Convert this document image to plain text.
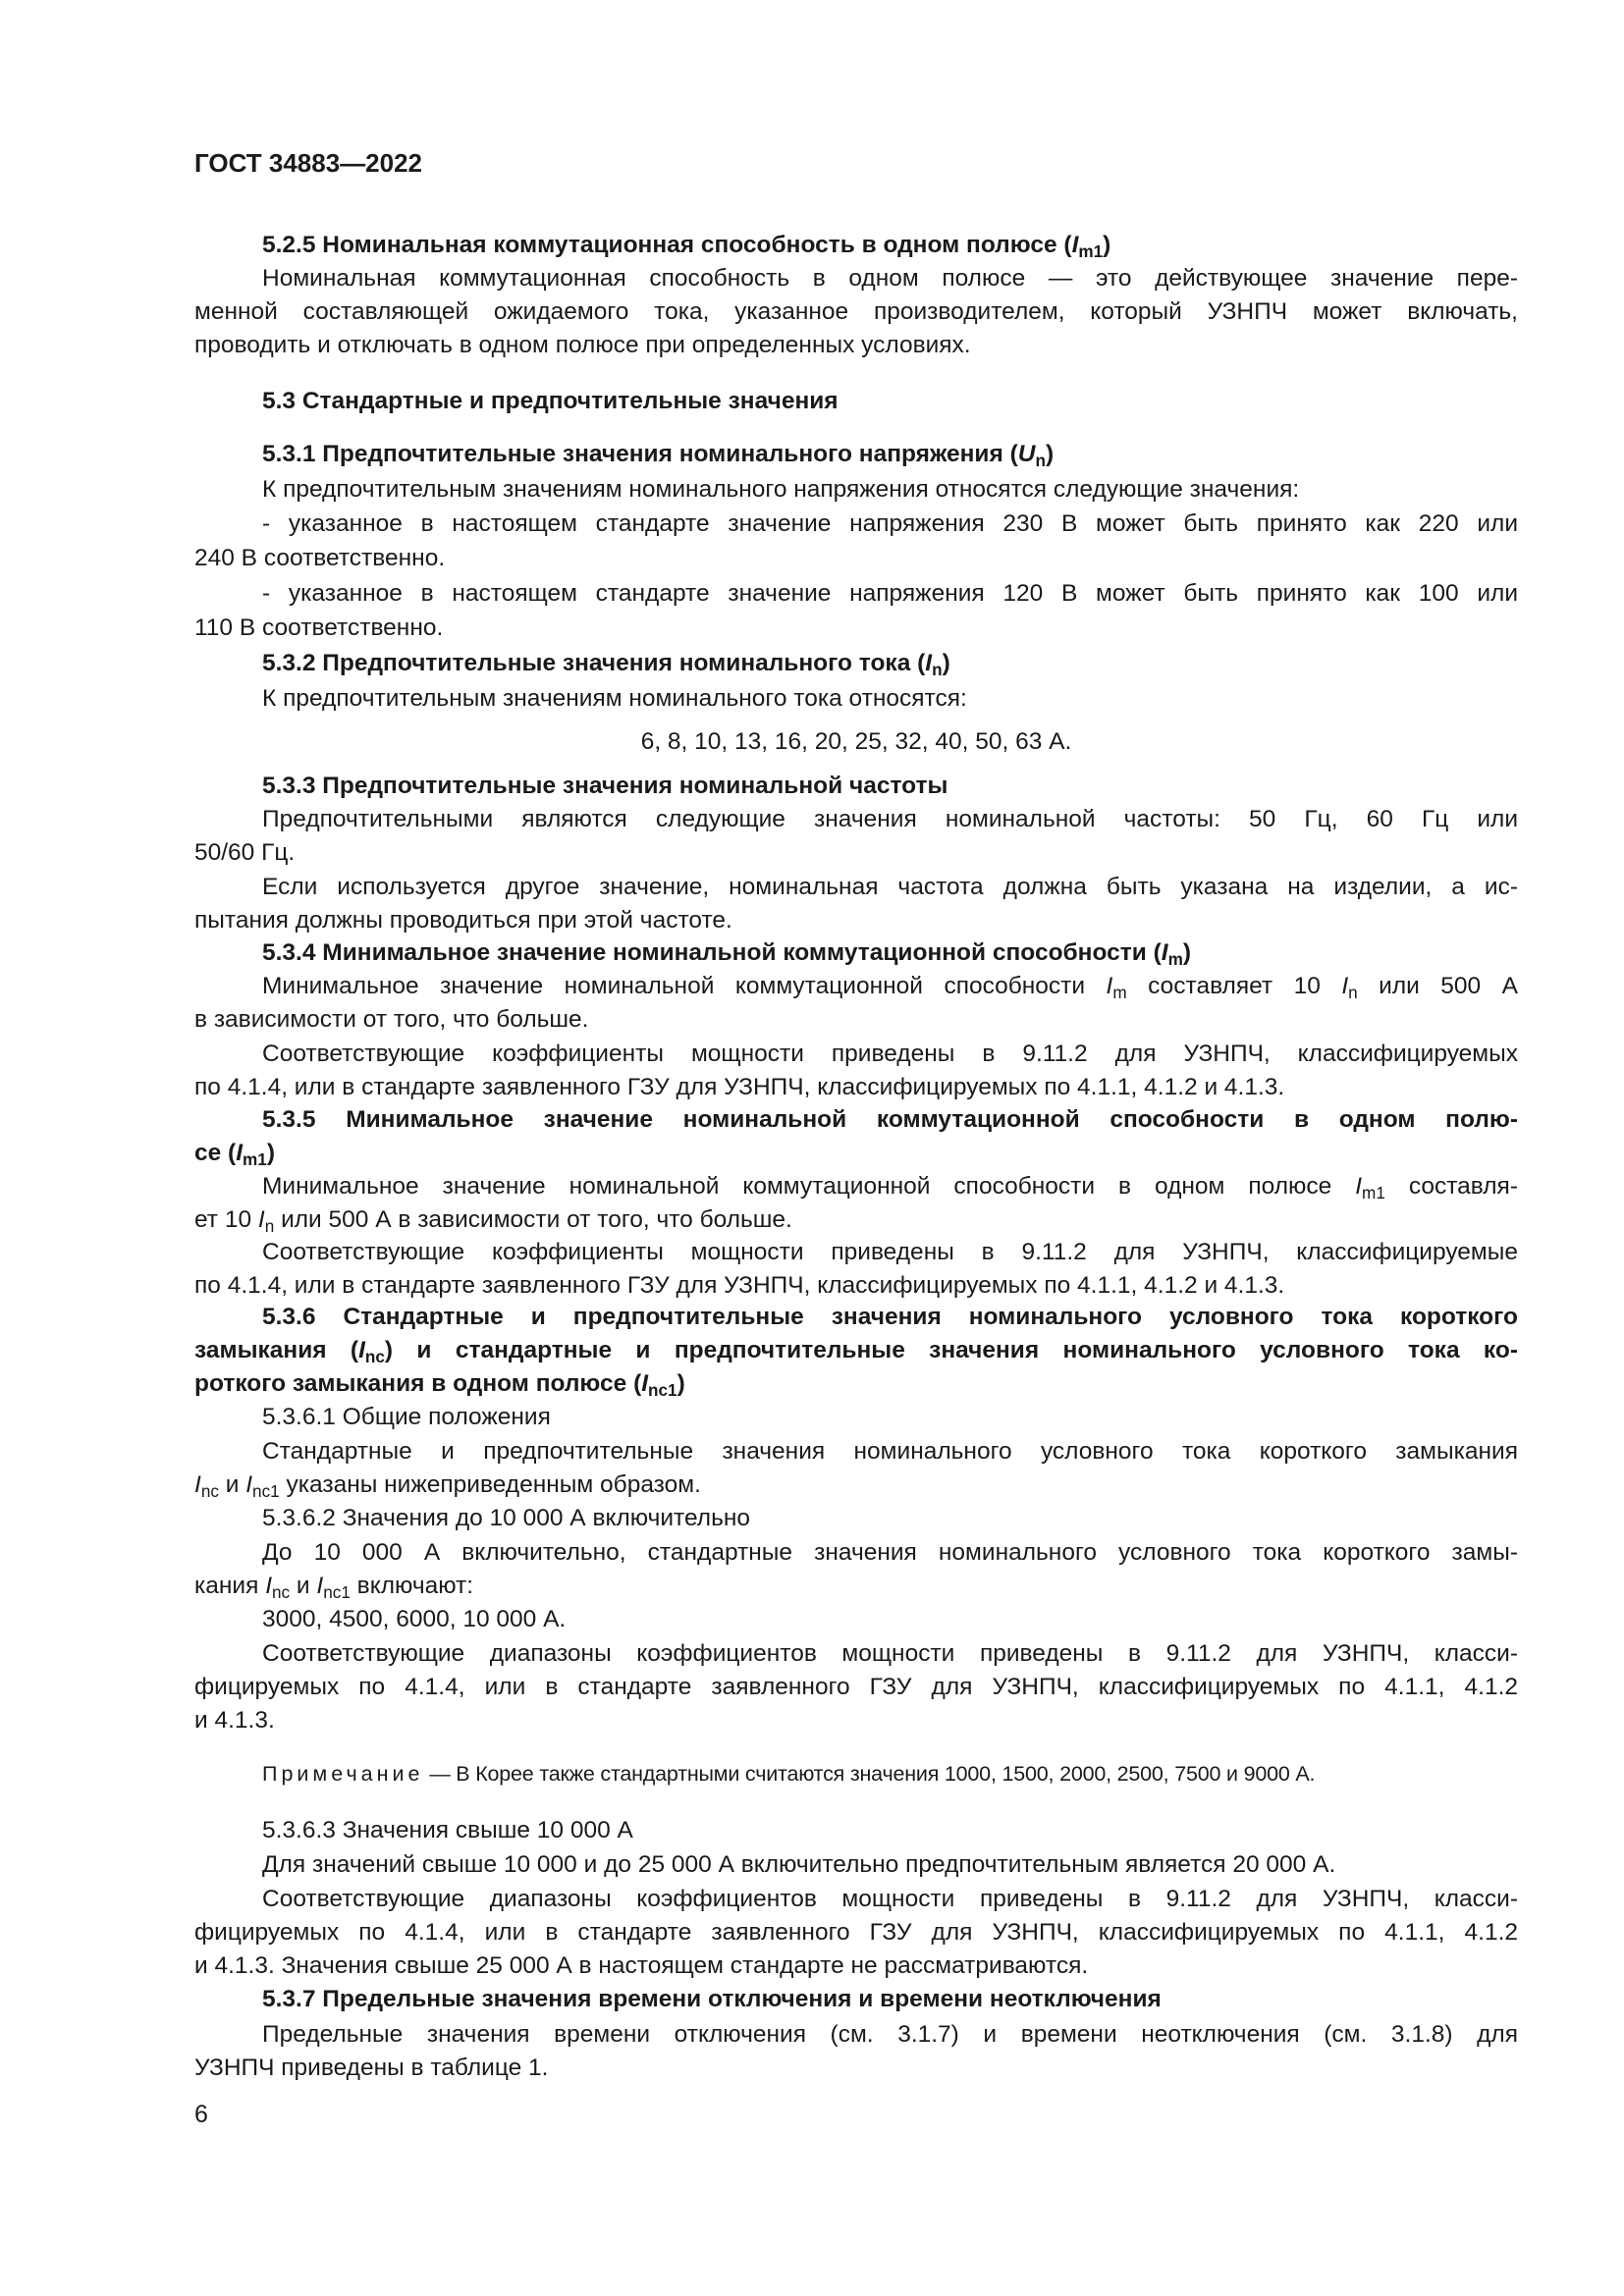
ГОСТ 34883—2022
5.2.5 Номинальная коммутационная способность в одном полюсе $(I_{m1})$
Номинальная коммутационная способность в одном полюсе — это действующее значение пере-
менной составляющей ожидаемого тока, указанное производителем, который УЗНПЧ может включать,
проводить и отключать в одном полюсе при определенных условиях.
5.3 Стандартные и предпочтительные значения
5.3.1 Предпочтительные значения номинального напряжения $(U_n)$
К предпочтительным значениям номинального напряжения относятся следующие значения:
- указанное в настоящем стандарте значение напряжения 230 В может быть принято как 220 или
240 В соответственно.
- указанное в настоящем стандарте значение напряжения 120 В может быть принято как 100 или
110 В соответственно.
5.3.2 Предпочтительные значения номинального тока $(I_n)$
К предпочтительным значениям номинального тока относятся:
6, 8, 10, 13, 16, 20, 25, 32, 40, 50, 63 А.
5.3.3 Предпочтительные значения номинальной частоты
Предпочтительными являются следующие значения номинальной частоты: 50 Гц, 60 Гц или
50/60 Гц.
Если используется другое значение, номинальная частота должна быть указана на изделии, а ис-
пытания должны проводиться при этой частоте.
5.3.4 Минимальное значение номинальной коммутационной способности $(I_m)$
Минимальное значение номинальной коммутационной способности $I_m$ составляет 10 $I_n$ или 500 А
в зависимости от того, что больше.
Соответствующие коэффициенты мощности приведены в 9.11.2 для УЗНПЧ, классифицируемых
по 4.1.4, или в стандарте заявленного ГЗУ для УЗНПЧ, классифицируемых по 4.1.1, 4.1.2 и 4.1.3.
5.3.5 Минимальное значение номинальной коммутационной способности в одном полю-
се $(I_{m1})$
Минимальное значение номинальной коммутационной способности в одном полюсе $I_{m1}$ составля-
ет 10 $I_n$ или 500 А в зависимости от того, что больше.
Соответствующие коэффициенты мощности приведены в 9.11.2 для УЗНПЧ, классифицируемые
по 4.1.4, или в стандарте заявленного ГЗУ для УЗНПЧ, классифицируемых по 4.1.1, 4.1.2 и 4.1.3.
5.3.6 Стандартные и предпочтительные значения номинального условного тока короткого
замыкания $(I_{nc})$ и стандартные и предпочтительные значения номинального условного тока ко-
роткого замыкания в одном полюсе $(I_{nc1})$
5.3.6.1 Общие положения
Стандартные и предпочтительные значения номинального условного тока короткого замыкания
$I_{nc}$ и $I_{nc1}$ указаны нижеприведенным образом.
5.3.6.2 Значения до 10 000 А включительно
До 10 000 А включительно, стандартные значения номинального условного тока короткого замы-
кания $I_{nc}$ и $I_{nc1}$ включают:
3000, 4500, 6000, 10 000 А.
Соответствующие диапазоны коэффициентов мощности приведены в 9.11.2 для УЗНПЧ, класси-
фицируемых по 4.1.4, или в стандарте заявленного ГЗУ для УЗНПЧ, классифицируемых по 4.1.1, 4.1.2
и 4.1.3.
Примечание — В Корее также стандартными считаются значения 1000, 1500, 2000, 2500, 7500 и 9000 А.
5.3.6.3 Значения свыше 10 000 А
Для значений свыше 10 000 и до 25 000 А включительно предпочтительным является 20 000 А.
Соответствующие диапазоны коэффициентов мощности приведены в 9.11.2 для УЗНПЧ, класси-
фицируемых по 4.1.4, или в стандарте заявленного ГЗУ для УЗНПЧ, классифицируемых по 4.1.1, 4.1.2
и 4.1.3. Значения свыше 25 000 А в настоящем стандарте не рассматриваются.
5.3.7 Предельные значения времени отключения и времени неотключения
Предельные значения времени отключения (см. 3.1.7) и времени неотключения (см. 3.1.8) для
УЗНПЧ приведены в таблице 1.
6
